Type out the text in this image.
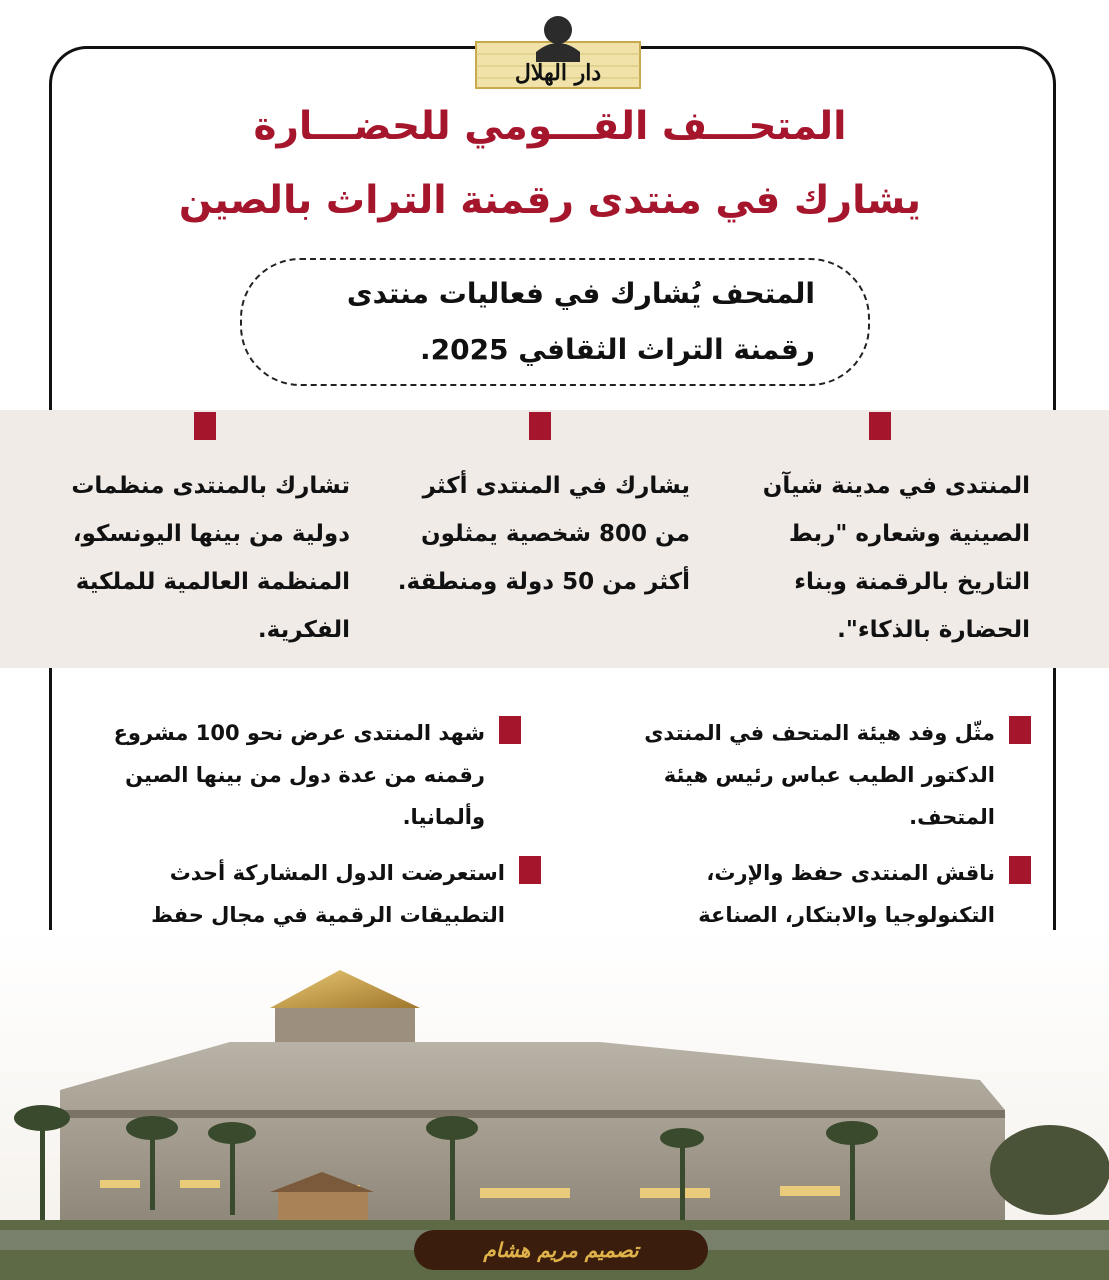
دار الهلال
المتحـــف القـــومي للحضـــارة
يشارك في منتدى رقمنة التراث بالصين

المتحف يُشارك في فعاليات منتدى رقمنة التراث الثقافي 2025.

المنتدى في مدينة شيآن الصينية وشعاره "ربط التاريخ بالرقمنة وبناء الحضارة بالذكاء".

يشارك في المنتدى أكثر من 800 شخصية يمثلون أكثر من 50 دولة ومنطقة.

تشارك بالمنتدى منظمات دولية من بينها اليونسكو، المنظمة العالمية للملكية الفكرية.

مثّل وفد هيئة المتحف في المنتدى الدكتور الطيب عباس رئيس هيئة المتحف.

شهد المنتدى عرض نحو 100 مشروع رقمنه من عدة دول من بينها الصين وألمانيا.

ناقش المنتدى حفظ والإرث، التكنولوجيا والابتكار، الصناعة

استعرضت الدول المشاركة أحدث التطبيقات الرقمية في مجال حفظ

تصميم مريم هشام
